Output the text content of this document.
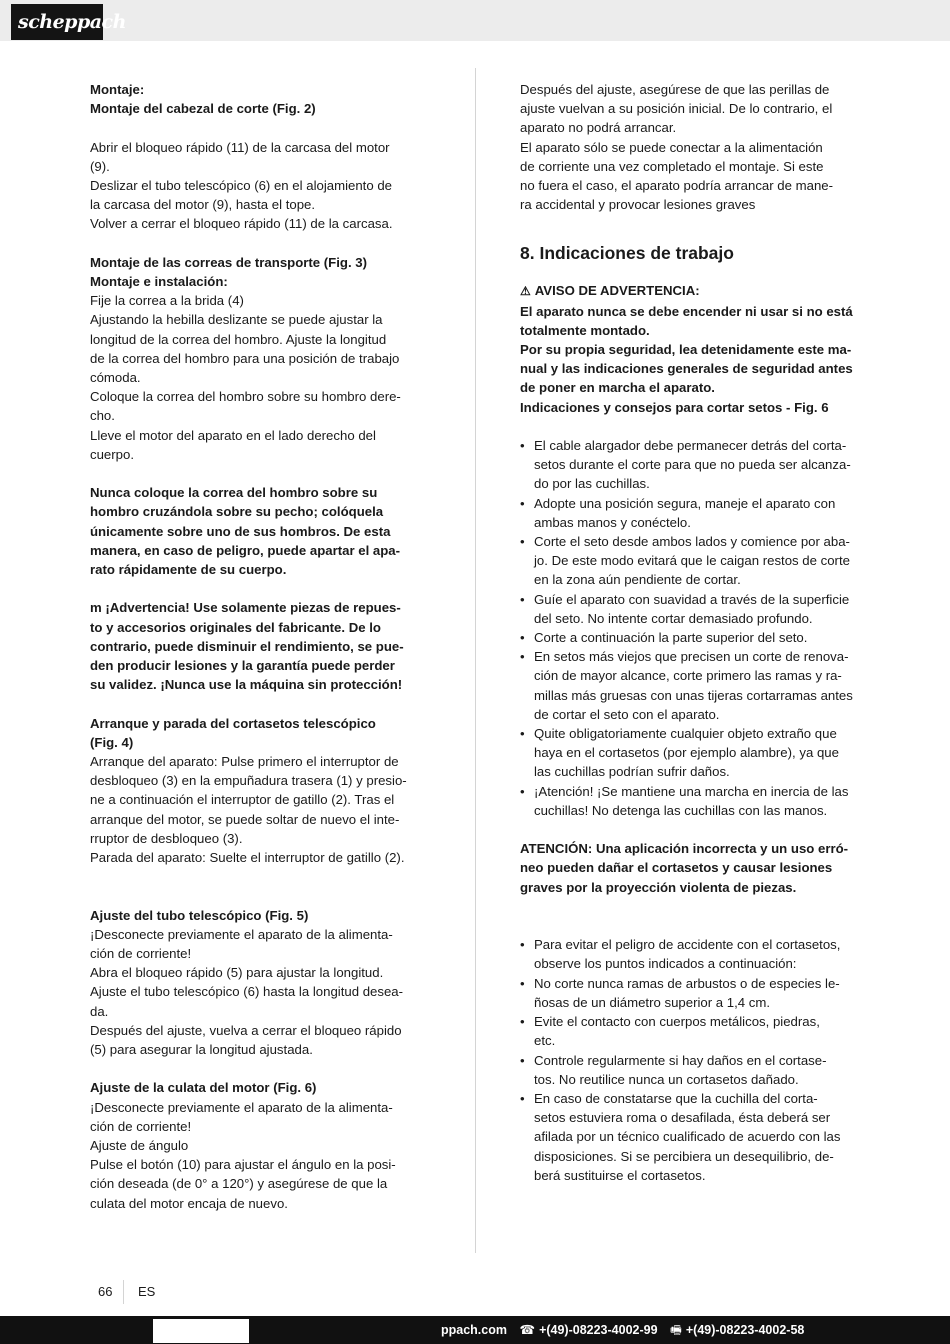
scheppach

Montaje:

Montaje del cabezal de corte (Fig. 2)

Abrir el bloqueo rápido (11) de la carcasa del motor

(9).

Deslizar el tubo telescópico (6) en el alojamiento de

la carcasa del motor (9), hasta el tope.

Volver a cerrar el bloqueo rápido (11) de la carcasa.

Montaje de las correas de transporte (Fig. 3)

Montaje e instalación:

Fije la correa a la brida (4)

Ajustando la hebilla deslizante se puede ajustar la

longitud de la correa del hombro. Ajuste la longitud

de la correa del hombro para una posición de trabajo

cómoda.

Coloque la correa del hombro sobre su hombro dere-

cho.

Lleve el motor del aparato en el lado derecho del

cuerpo.

Nunca coloque la correa del hombro sobre su

hombro cruzándola sobre su pecho; colóquela

únicamente sobre uno de sus hombros. De esta

manera, en caso de peligro, puede apartar el apa-

rato rápidamente de su cuerpo.

m ¡Advertencia! Use solamente piezas de repues-

to y accesorios originales del fabricante. De lo

contrario, puede disminuir el rendimiento, se pue-

den producir lesiones y la garantía puede perder

su validez. ¡Nunca use la máquina sin protección!

Arranque y parada del cortasetos telescópico

(Fig. 4)

Arranque del aparato: Pulse primero el interruptor de

desbloqueo (3) en la empuñadura trasera (1) y presio-

ne a continuación el interruptor de gatillo (2). Tras el

arranque del motor, se puede soltar de nuevo el inte-

rruptor de desbloqueo (3).

Parada del aparato: Suelte el interruptor de gatillo (2).

Ajuste del tubo telescópico (Fig. 5)

¡Desconecte previamente el aparato de la alimenta-

ción de corriente!

Abra el bloqueo rápido (5) para ajustar la longitud.

Ajuste el tubo telescópico (6) hasta la longitud desea-

da.

Después del ajuste, vuelva a cerrar el bloqueo rápido

(5) para asegurar la longitud ajustada.

Ajuste de la culata del motor (Fig. 6)

¡Desconecte previamente el aparato de la alimenta-

ción de corriente!

Ajuste de ángulo

Pulse el botón (10) para ajustar el ángulo en la posi-

ción deseada (de 0° a 120°) y asegúrese de que la

culata del motor encaja de nuevo.

Después del ajuste, asegúrese de que las perillas de

ajuste vuelvan a su posición inicial. De lo contrario, el

aparato no podrá arrancar.

El aparato sólo se puede conectar a la alimentación

de corriente una vez completado el montaje. Si este

no fuera el caso, el aparato podría arrancar de mane-

ra accidental y provocar lesiones graves

8. Indicaciones de trabajo

⚠ AVISO DE ADVERTENCIA:

El aparato nunca se debe encender ni usar si no está

totalmente montado.

Por su propia seguridad, lea detenidamente este ma-

nual y las indicaciones generales de seguridad antes

de poner en marcha el aparato.

Indicaciones y consejos para cortar setos - Fig. 6

• El cable alargador debe permanecer detrás del corta-

setos durante el corte para que no pueda ser alcanza-

do por las cuchillas.

• Adopte una posición segura, maneje el aparato con

ambas manos y conéctelo.

• Corte el seto desde ambos lados y comience por aba-

jo. De este modo evitará que le caigan restos de corte

en la zona aún pendiente de cortar.

• Guíe el aparato con suavidad a través de la superficie

del seto. No intente cortar demasiado profundo.

• Corte a continuación la parte superior del seto.

• En setos más viejos que precisen un corte de renova-

ción de mayor alcance, corte primero las ramas y ra-

millas más gruesas con unas tijeras cortarramas antes

de cortar el seto con el aparato.

• Quite obligatoriamente cualquier objeto extraño que

haya en el cortasetos (por ejemplo alambre), ya que

las cuchillas podrían sufrir daños.

• ¡Atención! ¡Se mantiene una marcha en inercia de las

cuchillas! No detenga las cuchillas con las manos.

ATENCIÓN: Una aplicación incorrecta y un uso erró-

neo pueden dañar el cortasetos y causar lesiones

graves por la proyección violenta de piezas.

• Para evitar el peligro de accidente con el cortasetos,

observe los puntos indicados a continuación:

• No corte nunca ramas de arbustos o de especies le-

ñosas de un diámetro superior a 1,4 cm.

• Evite el contacto con cuerpos metálicos, piedras,

etc.

• Controle regularmente si hay daños en el cortase-

tos. No reutilice nunca un cortasetos dañado.

• En caso de constatarse que la cuchilla del corta-

setos estuviera roma o desafilada, ésta deberá ser

afilada por un técnico cualificado de acuerdo con las

disposiciones. Si se percibiera un desequilibrio, de-

berá sustituirse el cortasetos.

66 ES
ppach.com ☎ +(49)-08223-4002-99 🖷 +(49)-08223-4002-58
